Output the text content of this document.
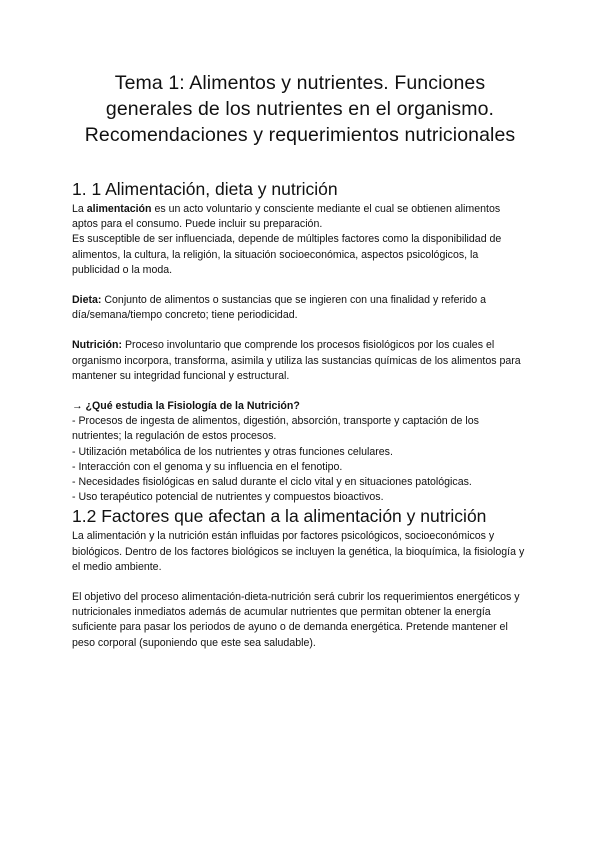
Tema 1: Alimentos y nutrientes. Funciones
generales de los nutrientes en el organismo.
Recomendaciones y requerimientos nutricionales
1. 1 Alimentación, dieta y nutrición

La alimentación es un acto voluntario y consciente mediante el cual se obtienen alimentos aptos para el consumo. Puede incluir su preparación.

Es susceptible de ser influenciada, depende de múltiples factores como la disponibilidad de alimentos, la cultura, la religión, la situación socioeconómica, aspectos psicológicos, la publicidad o la moda.

Dieta: Conjunto de alimentos o sustancias que se ingieren con una finalidad y referido a día/semana/tiempo concreto; tiene periodicidad.

Nutrición: Proceso involuntario que comprende los procesos fisiológicos por los cuales el organismo incorpora, transforma, asimila y utiliza las sustancias químicas de los alimentos para mantener su integridad funcional y estructural.

→ ¿Qué estudia la Fisiología de la Nutrición?

- Procesos de ingesta de alimentos, digestión, absorción, transporte y captación de los nutrientes; la regulación de estos procesos.
- Utilización metabólica de los nutrientes y otras funciones celulares.
- Interacción con el genoma y su influencia en el fenotipo.
- Necesidades fisiológicas en salud durante el ciclo vital y en situaciones patológicas.
- Uso terapéutico potencial de nutrientes y compuestos bioactivos.

1.2 Factores que afectan a la alimentación y nutrición

La alimentación y la nutrición están influidas por factores psicológicos, socioeconómicos y biológicos. Dentro de los factores biológicos se incluyen la genética, la bioquímica, la fisiología y el medio ambiente.

El objetivo del proceso alimentación-dieta-nutrición será cubrir los requerimientos energéticos y nutricionales inmediatos además de acumular nutrientes que permitan obtener la energía suficiente para pasar los periodos de ayuno o de demanda energética. Pretende mantener el peso corporal (suponiendo que este sea saludable).
